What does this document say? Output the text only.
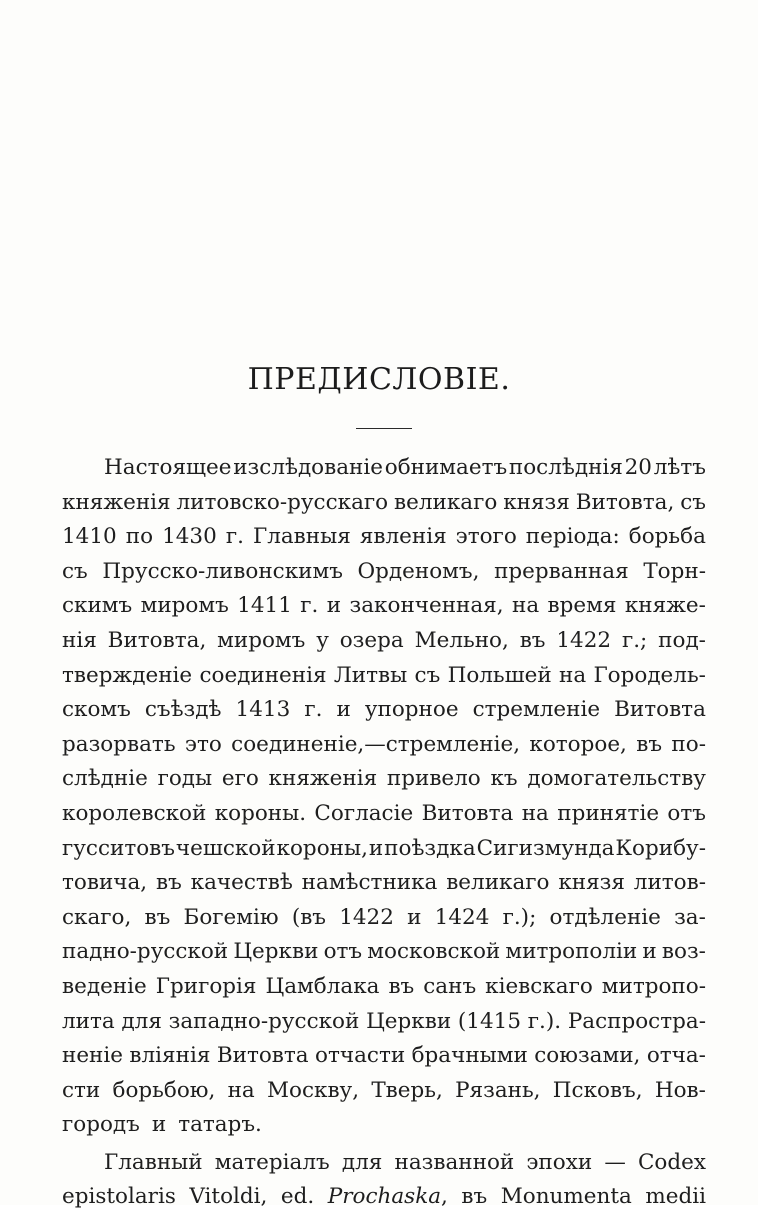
ПРЕДИСЛОВІЕ.
Настоящее изслѣдованіе обнимаетъ послѣднія 20 лѣтъ
княженія литовско-русскаго великаго князя Витовта, съ
1410 по 1430 г. Главныя явленія этого періода: борьба
съ Прусско-ливонскимъ Орденомъ, прерванная Торн-
скимъ миромъ 1411 г. и законченная, на время княже-
нія Витовта, миромъ у озера Мельно, въ 1422 г.; под-
твержденіе соединенія Литвы съ Польшей на Городель-
скомъ съѣздѣ 1413 г. и упорное стремленіе Витовта
разорвать это соединеніе,—стремленіе, которое, въ по-
слѣдніе годы его княженія привело къ домогательству
королевской короны. Согласіе Витовта на принятіе отъ
гусситовъ чешской короны, и поѣздка Сигизмунда Корибу-
товича, въ качествѣ намѣстника великаго князя литов-
скаго, въ Богемію (въ 1422 и 1424 г.); отдѣленіе за-
падно-русской Церкви отъ московской митрополіи и воз-
веденіе Григорія Цамблака въ санъ кіевскаго митропо-
лита для западно-русской Церкви (1415 г.). Распростра-
неніе вліянія Витовта отчасти брачными союзами, отча-
сти борьбою, на Москву, Тверь, Рязань, Псковъ, Нов-
городъ и татаръ.
Главный матеріалъ для названной эпохи — Codex
epistolaris Vitoldi, ed. Prochaska, въ Monumenta medii
